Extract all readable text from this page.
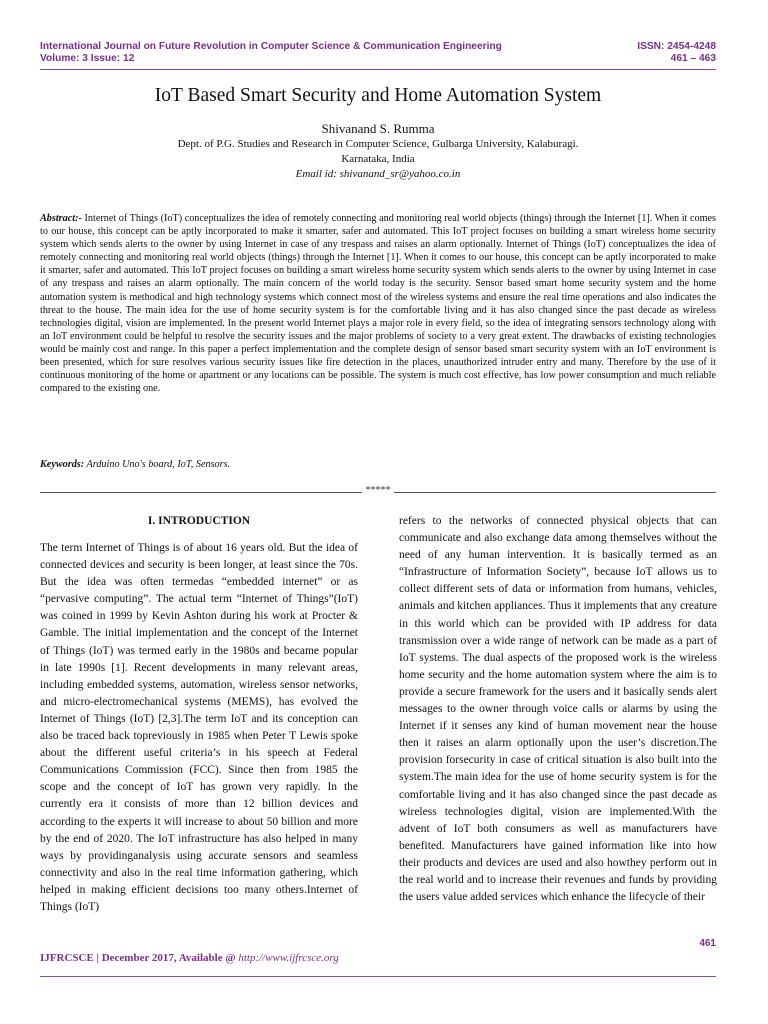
International Journal on Future Revolution in Computer Science & Communication Engineering
Volume: 3 Issue: 12
ISSN: 2454-4248
461 – 463
IoT Based Smart Security and Home Automation System
Shivanand S. Rumma
Dept. of P.G. Studies and Research in Computer Science, Gulbarga University, Kalaburagi.
Karnataka, India
Email id: shivanand_sr@yahoo.co.in
Abstract:- Internet of Things (IoT) conceptualizes the idea of remotely connecting and monitoring real world objects (things) through the Internet [1]. When it comes to our house, this concept can be aptly incorporated to make it smarter, safer and automated. This IoT project focuses on building a smart wireless home security system which sends alerts to the owner by using Internet in case of any trespass and raises an alarm optionally. Internet of Things (IoT) conceptualizes the idea of remotely connecting and monitoring real world objects (things) through the Internet [1]. When it comes to our house, this concept can be aptly incorporated to make it smarter, safer and automated. This IoT project focuses on building a smart wireless home security system which sends alerts to the owner by using Internet in case of any trespass and raises an alarm optionally. The main concern of the world today is the security. Sensor based smart home security system and the home automation system is methodical and high technology systems which connect most of the wireless systems and ensure the real time operations and also indicates the threat to the house. The main idea for the use of home security system is for the comfortable living and it has also changed since the past decade as wireless technologies digital, vision are implemented. In the present world Internet plays a major role in every field, so the idea of integrating sensors technology along with an IoT environment could be helpful to resolve the security issues and the major problems of society to a very great extent. The drawbacks of existing technologies would be mainly cost and range. In this paper a perfect implementation and the complete design of sensor based smart security system with an IoT environment is been presented, which for sure resolves various security issues like fire detection in the places, unauthorized intruder entry and many. Therefore by the use of it continuous monitoring of the home or apartment or any locations can be possible. The system is much cost effective, has low power consumption and much reliable compared to the existing one.
Keywords: Arduino Uno's board, IoT, Sensors.
*****
I. INTRODUCTION

The term Internet of Things is of about 16 years old. But the idea of connected devices and security is been longer, at least since the 70s. But the idea was often termedas “embedded internet” or as “pervasive computing”. The actual term “Internet of Things”(IoT) was coined in 1999 by Kevin Ashton during his work at Procter & Gamble. The initial implementation and the concept of the Internet of Things (IoT) was termed early in the 1980s and became popular in late 1990s [1]. Recent developments in many relevant areas, including embedded systems, automation, wireless sensor networks, and micro-electromechanical systems (MEMS), has evolved the Internet of Things (IoT) [2,3].The term IoT and its conception can also be traced back topreviously in 1985 when Peter T Lewis spoke about the different useful criteria’s in his speech at Federal Communications Commission (FCC). Since then from 1985 the scope and the concept of IoT has grown very rapidly. In the currently era it consists of more than 12 billion devices and according to the experts it will increase to about 50 billion and more by the end of 2020. The IoT infrastructure has also helped in many ways by providinganalysis using accurate sensors and seamless connectivity and also in the real time information gathering, which helped in making efficient decisions too many others.Internet of Things (IoT)

refers to the networks of connected physical objects that can communicate and also exchange data among themselves without the need of any human intervention. It is basically termed as an “Infrastructure of Information Society”, because IoT allows us to collect different sets of data or information from humans, vehicles, animals and kitchen appliances. Thus it implements that any creature in this world which can be provided with IP address for data transmission over a wide range of network can be made as a part of IoT systems. The dual aspects of the proposed work is the wireless home security and the home automation system where the aim is to provide a secure framework for the users and it basically sends alert messages to the owner through voice calls or alarms by using the Internet if it senses any kind of human movement near the house then it raises an alarm optionally upon the user’s discretion.The provision forsecurity in case of critical situation is also built into the system.The main idea for the use of home security system is for the comfortable living and it has also changed since the past decade as wireless technologies digital, vision are implemented.With the advent of IoT both consumers as well as manufacturers have benefited. Manufacturers have gained information like into how their products and devices are used and also howthey perform out in the real world and to increase their revenues and funds by providing the users value added services which enhance the lifecycle of their

461
IJFRCSCE | December 2017, Available @ http://www.ijfrcsce.org
